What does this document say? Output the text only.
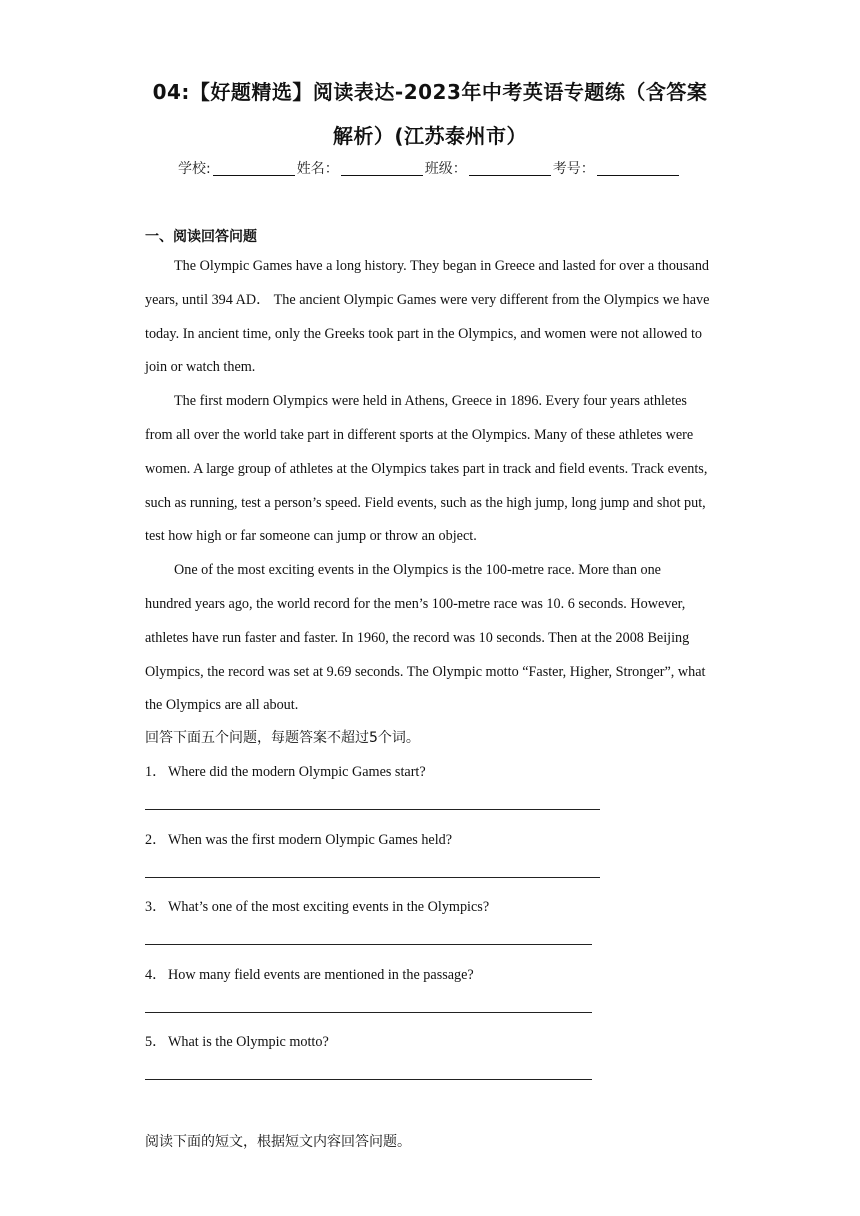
04:【好题精选】阅读表达-2023年中考英语专题练（含答案
解析）(江苏泰州市）
学校:	姓名：	班级：	考号：
一、阅读回答问题

The Olympic Games have a long history. They began in Greece and lasted for over a thousand years, until 394 AD． The ancient Olympic Games were very different from the Olympics we have today. In ancient time, only the Greeks took part in the Olympics, and women were not allowed to join or watch them.

The first modern Olympics were held in Athens, Greece in 1896. Every four years athletes from all over the world take part in different sports at the Olympics. Many of these athletes were women. A large group of athletes at the Olympics takes part in track and field events. Track events, such as running, test a person’s speed. Field events, such as the high jump, long jump and shot put, test how high or far someone can jump or throw an object.

One of the most exciting events in the Olympics is the 100-metre race. More than one hundred years ago, the world record for the men’s 100-metre race was 10. 6 seconds. However, athletes have run faster and faster. In 1960, the record was 10 seconds. Then at the 2008 Beijing Olympics, the record was set at 9.69 seconds. The Olympic motto “Faster, Higher, Stronger”, what the Olympics are all about.

回答下面五个问题，每题答案不超过5个词。
1． Where did the modern Olympic Games start?
2． When was the first modern Olympic Games held?
3． What’s one of the most exciting events in the Olympics?
4． How many field events are mentioned in the passage?
5． What is the Olympic motto?
阅读下面的短文，根据短文内容回答问题。
